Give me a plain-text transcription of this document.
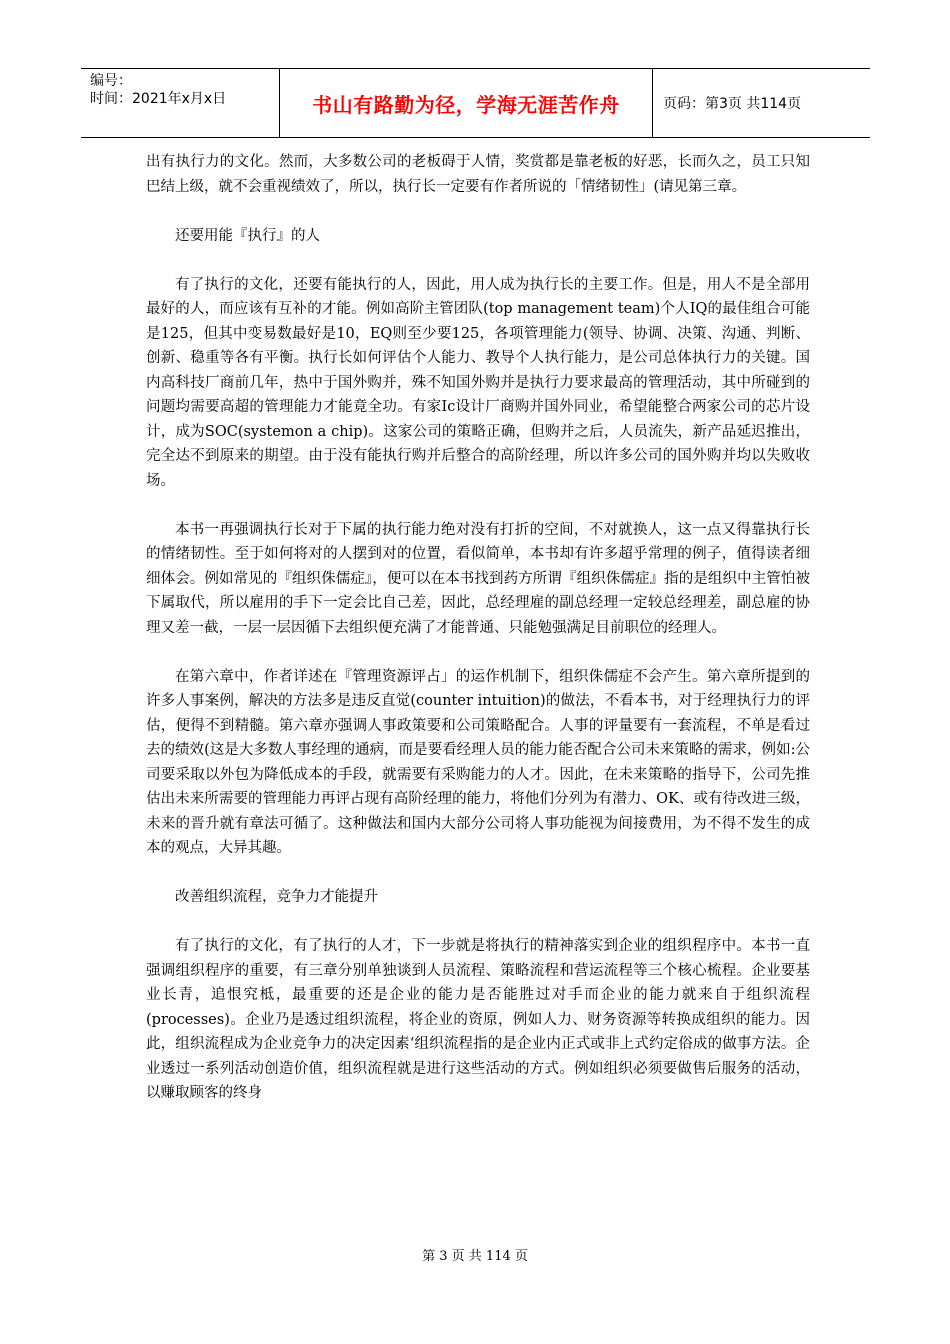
编号：
时间：2021年x月x日	书山有路勤为径，学海无涯苦作舟	页码：第3页 共114页

出有执行力的文化。然而，大多数公司的老板碍于人情，奖赏都是靠老板的好恶，长而久之，员工只知巴结上级，就不会重视绩效了，所以，执行长一定要有作者所说的「情绪韧性」(请见第三章。

还要用能『执行』的人

有了执行的文化，还要有能执行的人，因此，用人成为执行长的主要工作。但是，用人不是全部用最好的人，而应该有互补的才能。例如高阶主管团队(top management team)个人IQ的最佳组合可能是125，但其中变易数最好是10，EQ则至少要125，各项管理能力(领导、协调、决策、沟通、判断、创新、稳重等各有平衡。执行长如何评估个人能力、教导个人执行能力，是公司总体执行力的关键。国内高科技厂商前几年，热中于国外购并，殊不知国外购并是执行力要求最高的管理活动，其中所碰到的问题均需要高超的管理能力才能竟全功。有家Ic设计厂商购并国外同业，希望能整合两家公司的芯片设计，成为SOC(systemon a chip)。这家公司的策略正确，但购并之后，人员流失，新产品延迟推出，完全达不到原来的期望。由于没有能执行购并后整合的高阶经理，所以许多公司的国外购并均以失败收场。

本书一再强调执行长对于下属的执行能力绝对没有打折的空间，不对就换人，这一点又得靠执行长的情绪韧性。至于如何将对的人摆到对的位置，看似简单，本书却有许多超乎常理的例子，值得读者细细体会。例如常见的『组织侏儒症』，便可以在本书找到药方所谓『组织侏儒症』指的是组织中主管怕被下属取代，所以雇用的手下一定会比自己差，因此，总经理雇的副总经理一定较总经理差，副总雇的协理又差一截，一层一层因循下去组织便充满了才能普通、只能勉强满足目前职位的经理人。

在第六章中，作者详述在『管理资源评占」的运作机制下，组织侏儒症不会产生。第六章所提到的许多人事案例，解决的方法多是违反直觉(counter intuition)的做法，不看本书，对于经理执行力的评估，便得不到精髓。第六章亦强调人事政策要和公司策略配合。人事的评量要有一套流程，不单是看过去的绩效(这是大多数人事经理的通病，而是要看经理人员的能力能否配合公司未来策略的需求，例如:公司要采取以外包为降低成本的手段，就需要有采购能力的人才。因此，在未来策略的指导下，公司先推估出未来所需要的管理能力再评占现有高阶经理的能力，将他们分列为有潜力、OK、或有待改进三级，未来的晋升就有章法可循了。这种做法和国内大部分公司将人事功能视为间接费用，为不得不发生的成本的观点，大异其趣。

改善组织流程，竞争力才能提升

有了执行的文化，有了执行的人才，下一步就是将执行的精神落实到企业的组织程序中。本书一直强调组织程序的重要，有三章分别单独谈到人员流程、策略流程和营运流程等三个核心梳程。企业要基业长青，追恨究柢，最重要的还是企业的能力是否能胜过对手而企业的能力就来自于组织流程(processes)。企业乃是透过组织流程，将企业的资原，例如人力、财务资源等转换成组织的能力。因此，组织流程成为企业竞争力的决定因素‘组织流程指的是企业内正式或非上式约定俗成的做事方法。企业透过一系列活动创造价值，组织流程就是进行这些活动的方式。例如组织必须要做售后服务的活动，以赚取顾客的终身

第 3 页 共 114 页
